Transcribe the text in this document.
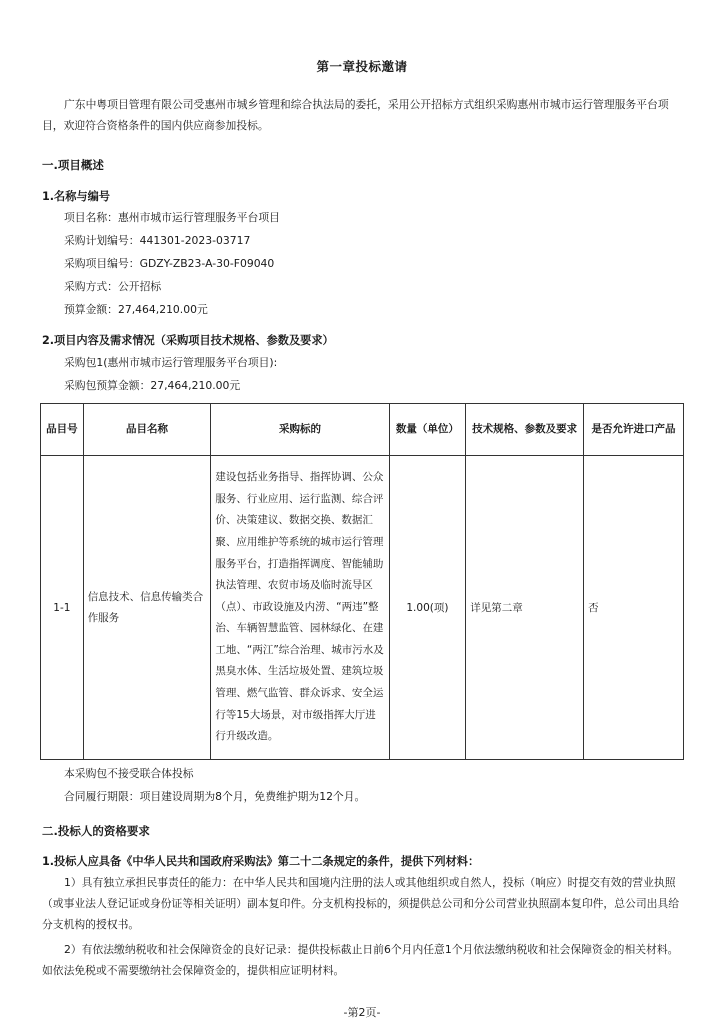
第一章投标邀请
广东中粤项目管理有限公司受惠州市城乡管理和综合执法局的委托，采用公开招标方式组织采购惠州市城市运行管理服务平台项目，欢迎符合资格条件的国内供应商参加投标。
一.项目概述
1.名称与编号
项目名称：惠州市城市运行管理服务平台项目
采购计划编号：441301-2023-03717
采购项目编号：GDZY-ZB23-A-30-F09040
采购方式：公开招标
预算金额：27,464,210.00元
2.项目内容及需求情况（采购项目技术规格、参数及要求）
采购包1(惠州市城市运行管理服务平台项目):
采购包预算金额：27,464,210.00元
品目号	品目名称	采购标的	数量（单位）	技术规格、参数及要求	是否允许进口产品
1-1	信息技术、信息传输类合作服务	建设包括业务指导、指挥协调、公众服务、行业应用、运行监测、综合评价、决策建议、数据交换、数据汇聚、应用维护等系统的城市运行管理服务平台，打造指挥调度、智能辅助执法管理、农贸市场及临时流导区（点）、市政设施及内涝、“两违”整治、车辆智慧监管、园林绿化、在建工地、“两江”综合治理、城市污水及黑臭水体、生活垃圾处置、建筑垃圾管理、燃气监管、群众诉求、安全运行等15大场景，对市级指挥大厅进行升级改造。	1.00(项)	详见第二章	否
本采购包不接受联合体投标
合同履行期限：项目建设周期为8个月，免费维护期为12个月。
二.投标人的资格要求
1.投标人应具备《中华人民共和国政府采购法》第二十二条规定的条件，提供下列材料：
1）具有独立承担民事责任的能力：在中华人民共和国境内注册的法人或其他组织或自然人，投标（响应）时提交有效的营业执照（或事业法人登记证或身份证等相关证明）副本复印件。分支机构投标的，须提供总公司和分公司营业执照副本复印件，总公司出具给分支机构的授权书。
2）有依法缴纳税收和社会保障资金的良好记录：提供投标截止日前6个月内任意1个月依法缴纳税收和社会保障资金的相关材料。如依法免税或不需要缴纳社会保障资金的，提供相应证明材料。
-第2页-
